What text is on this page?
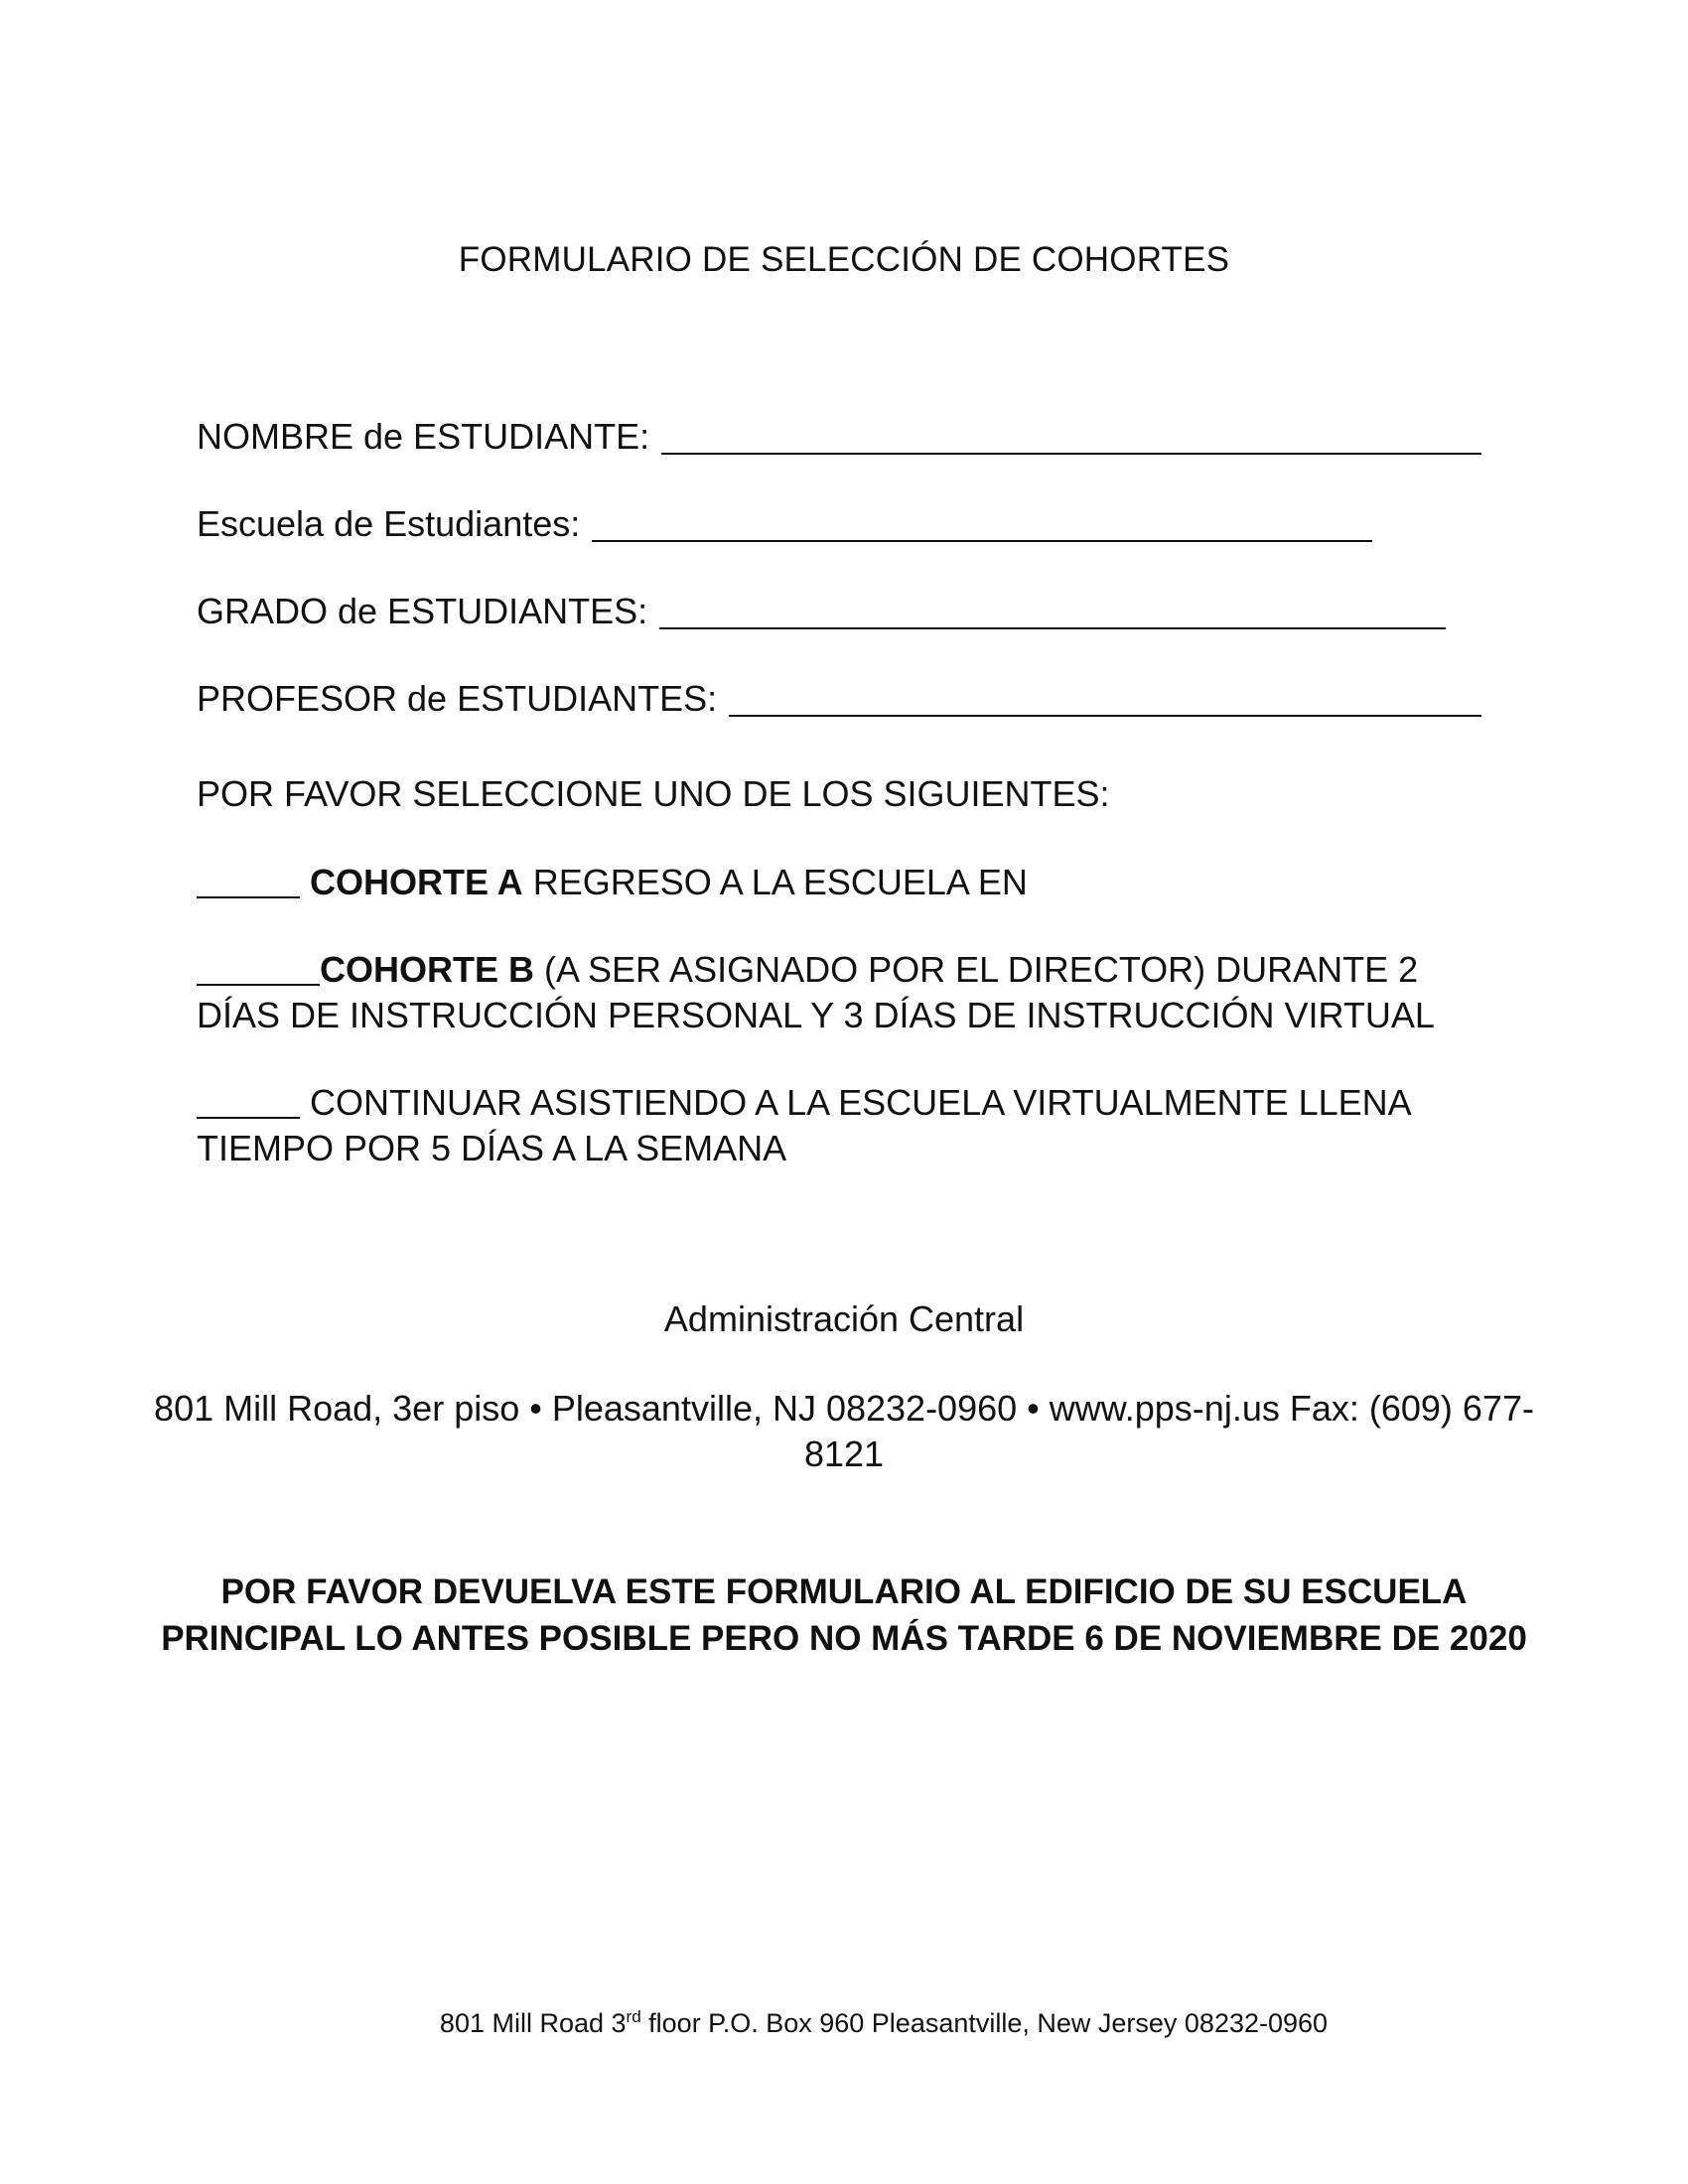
FORMULARIO DE SELECCIÓN DE COHORTES
NOMBRE de ESTUDIANTE:
Escuela de Estudiantes:
GRADO de ESTUDIANTES:
PROFESOR de ESTUDIANTES:
POR FAVOR SELECCIONE UNO DE LOS SIGUIENTES:
COHORTE A REGRESO A LA ESCUELA EN
COHORTE B (A SER ASIGNADO POR EL DIRECTOR) DURANTE 2 DÍAS DE INSTRUCCIÓN PERSONAL Y 3 DÍAS DE INSTRUCCIÓN VIRTUAL
CONTINUAR ASISTIENDO A LA ESCUELA VIRTUALMENTE LLENA TIEMPO POR 5 DÍAS A LA SEMANA
Administración Central
801 Mill Road, 3er piso • Pleasantville, NJ 08232-0960 • www.pps-nj.us Fax: (609) 677-
8121
POR FAVOR DEVUELVA ESTE FORMULARIO AL EDIFICIO DE SU ESCUELA
PRINCIPAL LO ANTES POSIBLE PERO NO MÁS TARDE 6 DE NOVIEMBRE DE 2020
801 Mill Road 3rd floor P.O. Box 960 Pleasantville, New Jersey 08232-0960
